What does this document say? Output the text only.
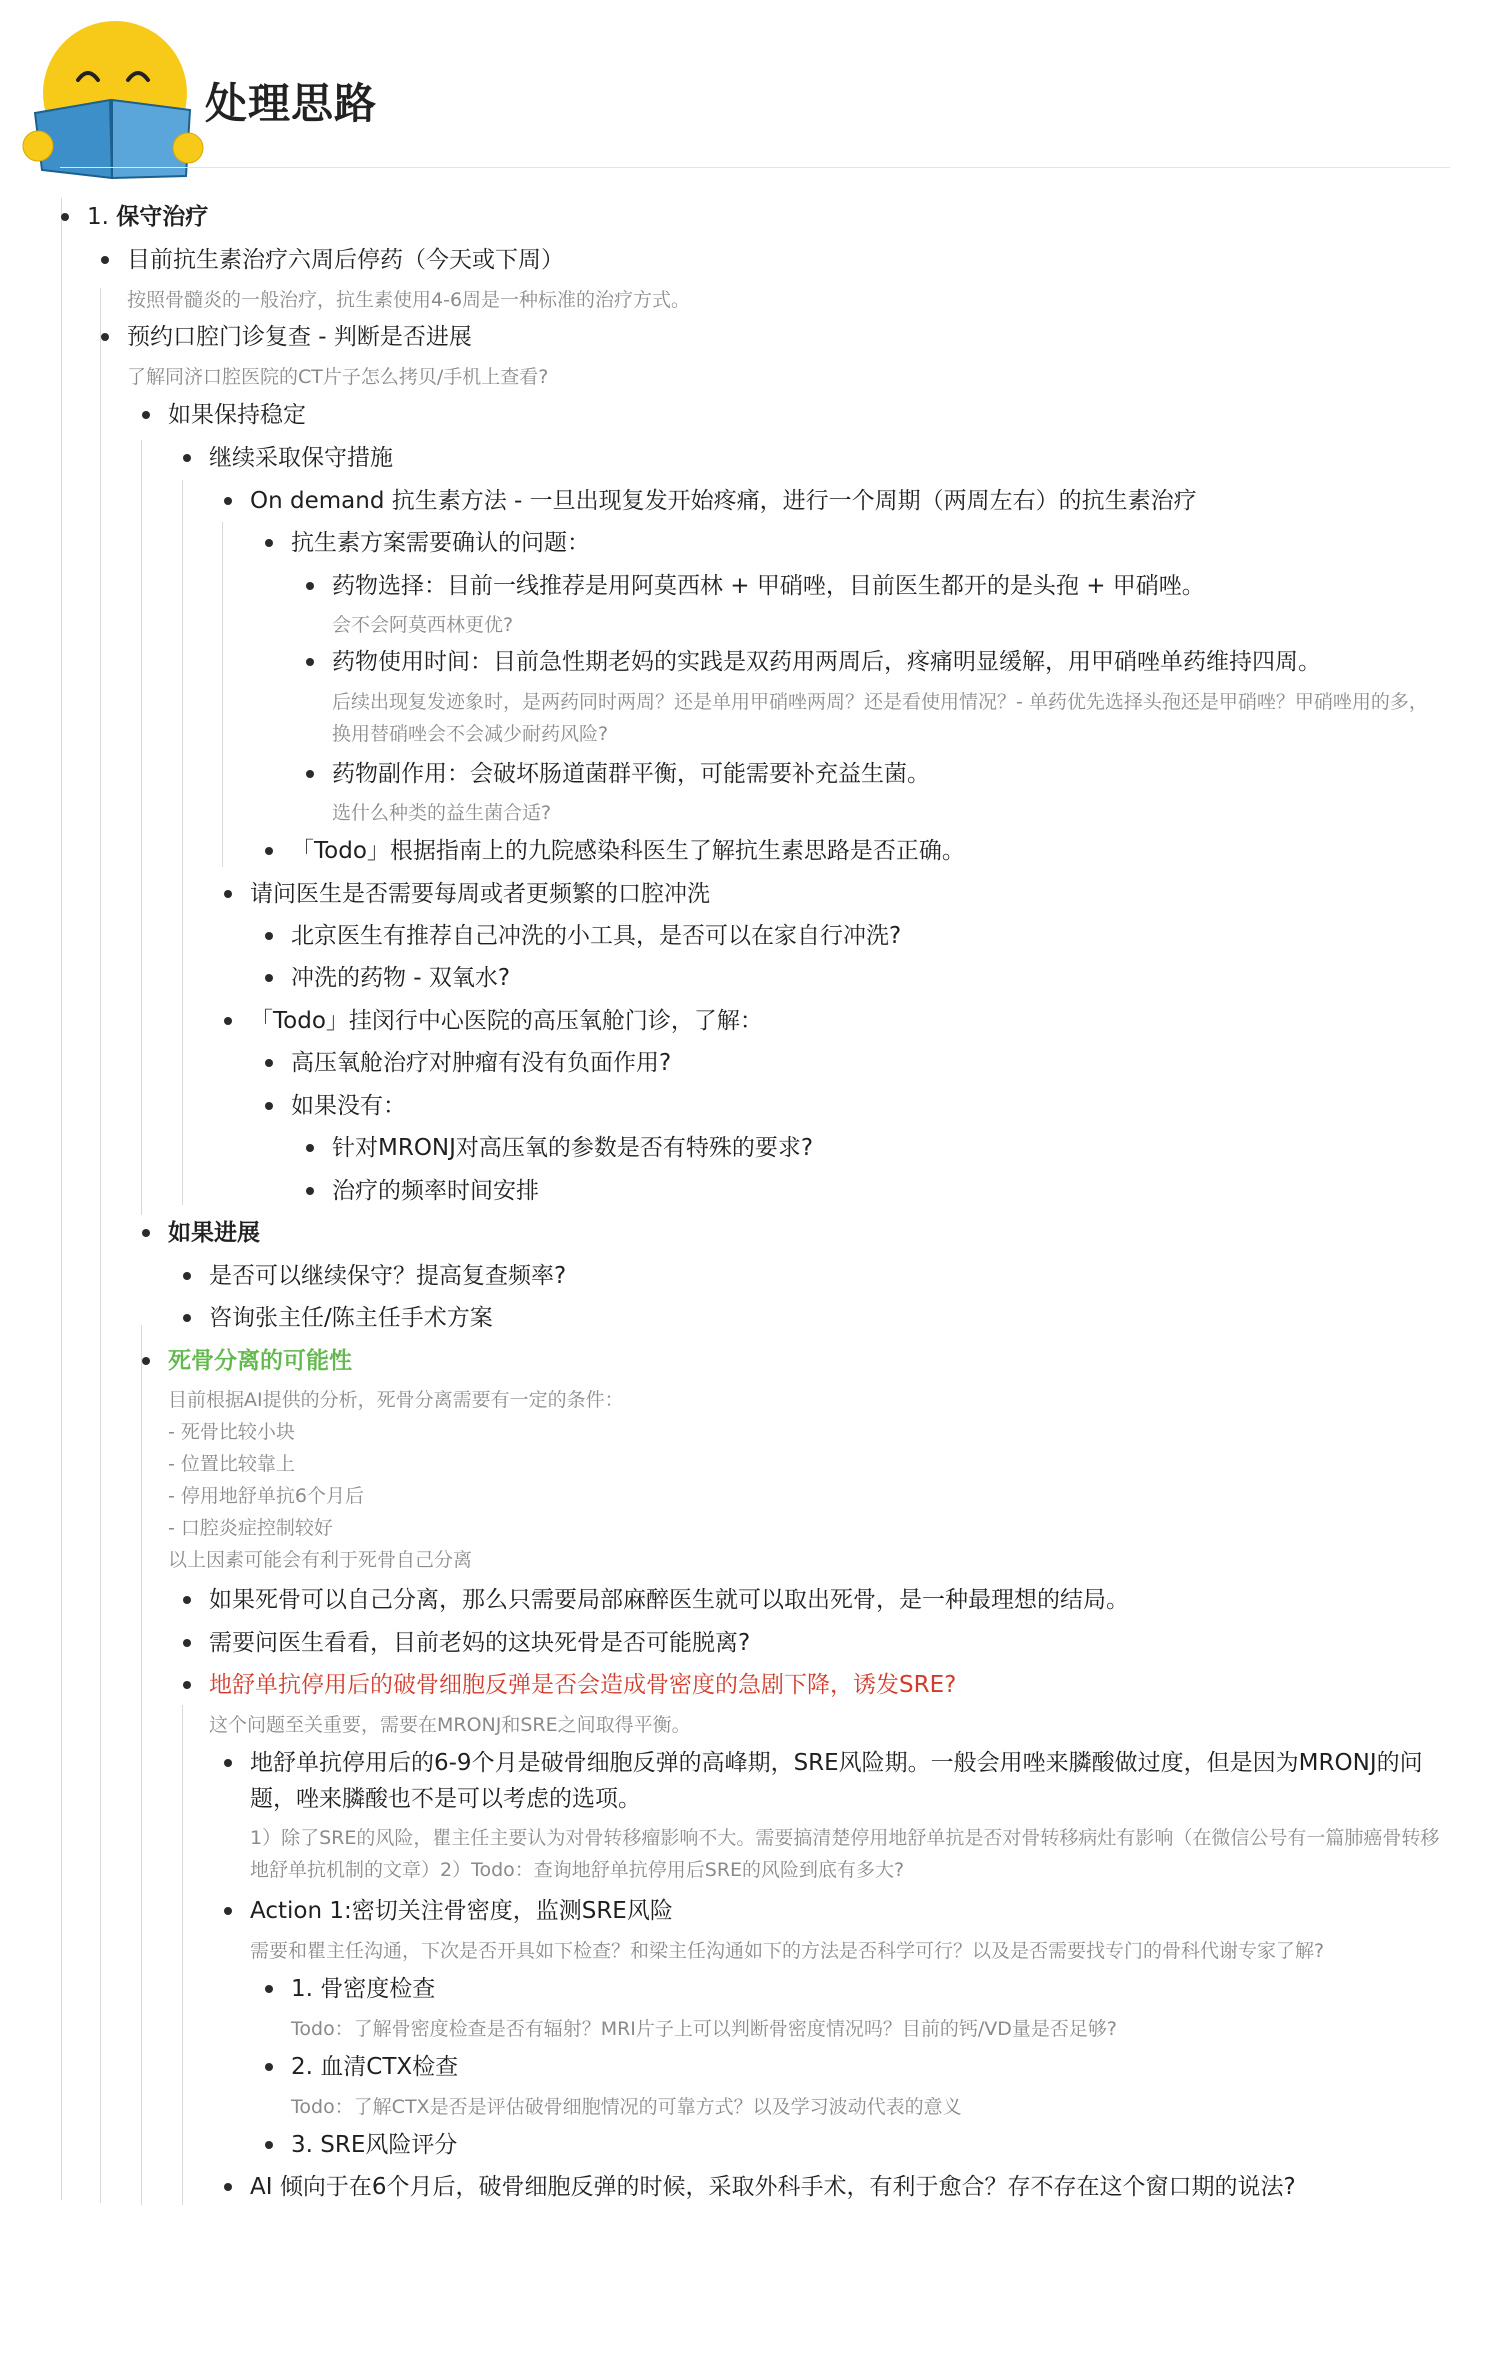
处理思路
1. 保守治疗
目前抗生素治疗六周后停药（今天或下周）
按照骨髓炎的一般治疗，抗生素使用4-6周是一种标准的治疗方式。
预约口腔门诊复查 - 判断是否进展
了解同济口腔医院的CT片子怎么拷贝/手机上查看?
如果保持稳定
继续采取保守措施
On demand 抗生素方法 - 一旦出现复发开始疼痛，进行一个周期（两周左右）的抗生素治疗
抗生素方案需要确认的问题：
药物选择：目前一线推荐是用阿莫西林 + 甲硝唑，目前医生都开的是头孢 + 甲硝唑。
会不会阿莫西林更优?
药物使用时间：目前急性期老妈的实践是双药用两周后，疼痛明显缓解，用甲硝唑单药维持四周。
后续出现复发迹象时，是两药同时两周？还是单用甲硝唑两周？还是看使用情况？- 单药优先选择头孢还是甲硝唑？甲硝唑用的多，换用替硝唑会不会减少耐药风险?
药物副作用：会破坏肠道菌群平衡，可能需要补充益生菌。
选什么种类的益生菌合适?
「Todo」根据指南上的九院感染科医生了解抗生素思路是否正确。
请问医生是否需要每周或者更频繁的口腔冲洗
北京医生有推荐自己冲洗的小工具，是否可以在家自行冲洗?
冲洗的药物 - 双氧水?
「Todo」挂闵行中心医院的高压氧舱门诊，了解：
高压氧舱治疗对肿瘤有没有负面作用?
如果没有：
针对MRONJ对高压氧的参数是否有特殊的要求?
治疗的频率时间安排
如果进展
是否可以继续保守？提高复查频率?
咨询张主任/陈主任手术方案
死骨分离的可能性
目前根据AI提供的分析，死骨分离需要有一定的条件：
- 死骨比较小块
- 位置比较靠上
- 停用地舒单抗6个月后
- 口腔炎症控制较好
以上因素可能会有利于死骨自己分离
如果死骨可以自己分离，那么只需要局部麻醉医生就可以取出死骨，是一种最理想的结局。
需要问医生看看，目前老妈的这块死骨是否可能脱离?
地舒单抗停用后的破骨细胞反弹是否会造成骨密度的急剧下降，诱发SRE?
这个问题至关重要，需要在MRONJ和SRE之间取得平衡。
地舒单抗停用后的6-9个月是破骨细胞反弹的高峰期，SRE风险期。一般会用唑来膦酸做过度，但是因为MRONJ的问
题，唑来膦酸也不是可以考虑的选项。
1）除了SRE的风险，瞿主任主要认为对骨转移瘤影响不大。需要搞清楚停用地舒单抗是否对骨转移病灶有影响（在微信公号有一篇肺癌骨转移地舒单抗机制的文章）2）Todo：查询地舒单抗停用后SRE的风险到底有多大?
Action 1:密切关注骨密度，监测SRE风险
需要和瞿主任沟通，下次是否开具如下检查？和梁主任沟通如下的方法是否科学可行？以及是否需要找专门的骨科代谢专家了解?
1. 骨密度检查
Todo：了解骨密度检查是否有辐射？MRI片子上可以判断骨密度情况吗？目前的钙/VD量是否足够?
2. 血清CTX检查
Todo：了解CTX是否是评估破骨细胞情况的可靠方式？以及学习波动代表的意义
3. SRE风险评分
AI 倾向于在6个月后，破骨细胞反弹的时候，采取外科手术，有利于愈合？存不存在这个窗口期的说法?
